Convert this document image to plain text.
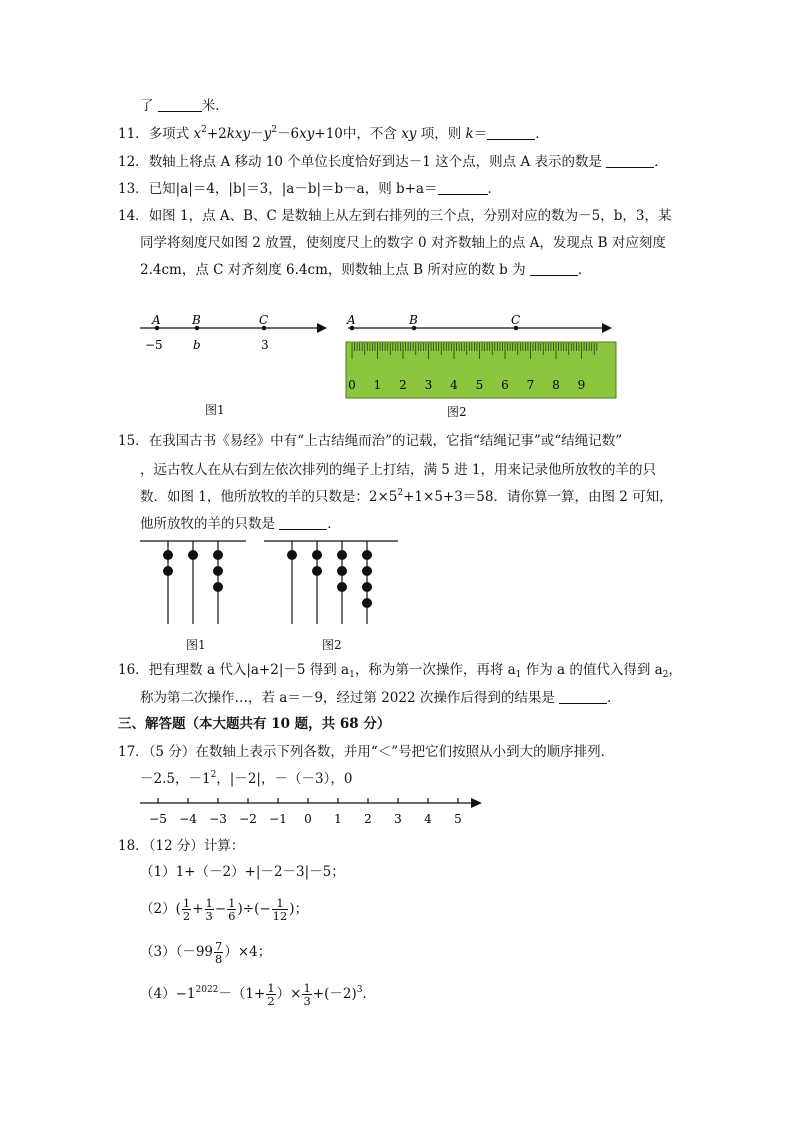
了	米．
11．多项式 $x^2+2kxy-y^2-6xy+10$中，不含 xy 项，则 k＝	．
12．数轴上将点 A 移动 10 个单位长度恰好到达－1 这个点，则点 A 表示的数是	．
13．已知|a|＝4，|b|＝3，|a－b|＝b－a，则 b+a＝	．
14．如图 1，点 A、B、C 是数轴上从左到右排列的三个点，分别对应的数为－5，b，3，某
同学将刻度尺如图 2 放置，使刻度尺上的数字 0 对齐数轴上的点 A，发现点 B 对应刻度
2.4cm，点 C 对齐刻度 6.4cm，则数轴上点 B 所对应的数 b 为	．
A	B	C
−5	b	3
图1
A	B	C
0 1 2 3 4 5 6 7 8 9
图2
15．在我国古书《易经》中有“上古结绳而治”的记载，它指“结绳记事”或“结绳记数”
，远古牧人在从右到左依次排列的绳子上打结，满 5 进 1，用来记录他所放牧的羊的只
数．如图 1，他所放牧的羊的只数是：$2\times 5^2+1\times 5+3=58$．请你算一算，由图 2 可知，
他所放牧的羊的只数是	．
图1	图2
16．把有理数 a 代入|a+2|－5 得到 $a_1$，称为第一次操作，再将 $a_1$ 作为 a 的值代入得到 $a_2$，
称为第二次操作…，若 a＝－9，经过第 2022 次操作后得到的结果是	．
三、解答题（本大题共有 10 题，共 68 分）
17．（5 分）在数轴上表示下列各数，并用“＜”号把它们按照从小到大的顺序排列．
－2.5，$-1^2$，|－2|，－（－3），0
−5 −4 −3 −2 −1 0 1 2 3 4 5
18．（12 分）计算：
（1）1+（－2）+|－2－3|－5；
$(2)( \frac{1}{2} + \frac{1}{3} - \frac{1}{6}$ )÷(− $\frac{1}{12}$ )；
$(3)(-99 \frac{7}{8} )\times 4$；
$(4)-1^{2022}-(1+ \frac{1}{2}$ ）× $\frac{1}{3} +(-2)^3$．
